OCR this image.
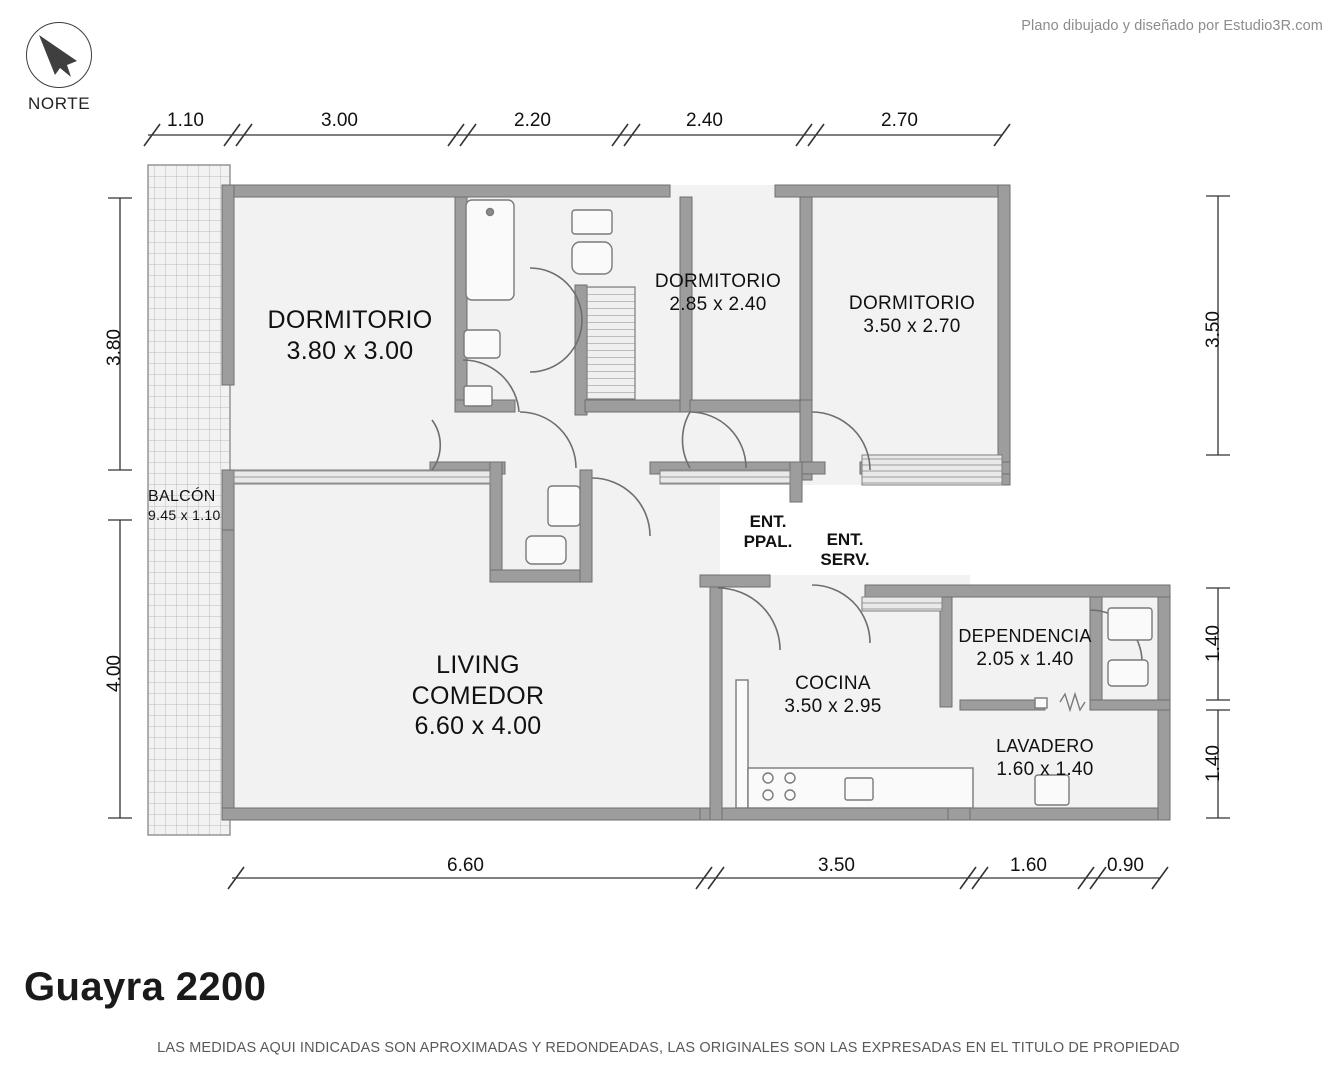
Plano dibujado y diseñado por Estudio3R.com
NORTE
DORMITORIO
3.80 x 3.00
DORMITORIO
2.85 x 2.40	DORMITORIO
3.50 x 2.70
LIVING
COMEDOR
6.60 x 4.00
COCINA
3.50 x 2.95
DEPENDENCIA
2.05 x 1.40
LAVADERO
1.60 x 1.40
BALCÓN
9.45 x 1.10	ENT.
PPAL.	ENT.
SERV.
1.10	3.00	2.20	2.40	2.70
6.60	3.50	1.60	0.90
3.80
4.00
3.50
1.40
1.40
Guayra 2200
LAS MEDIDAS AQUI INDICADAS SON APROXIMADAS Y REDONDEADAS, LAS ORIGINALES SON LAS EXPRESADAS EN EL TITULO DE PROPIEDAD
